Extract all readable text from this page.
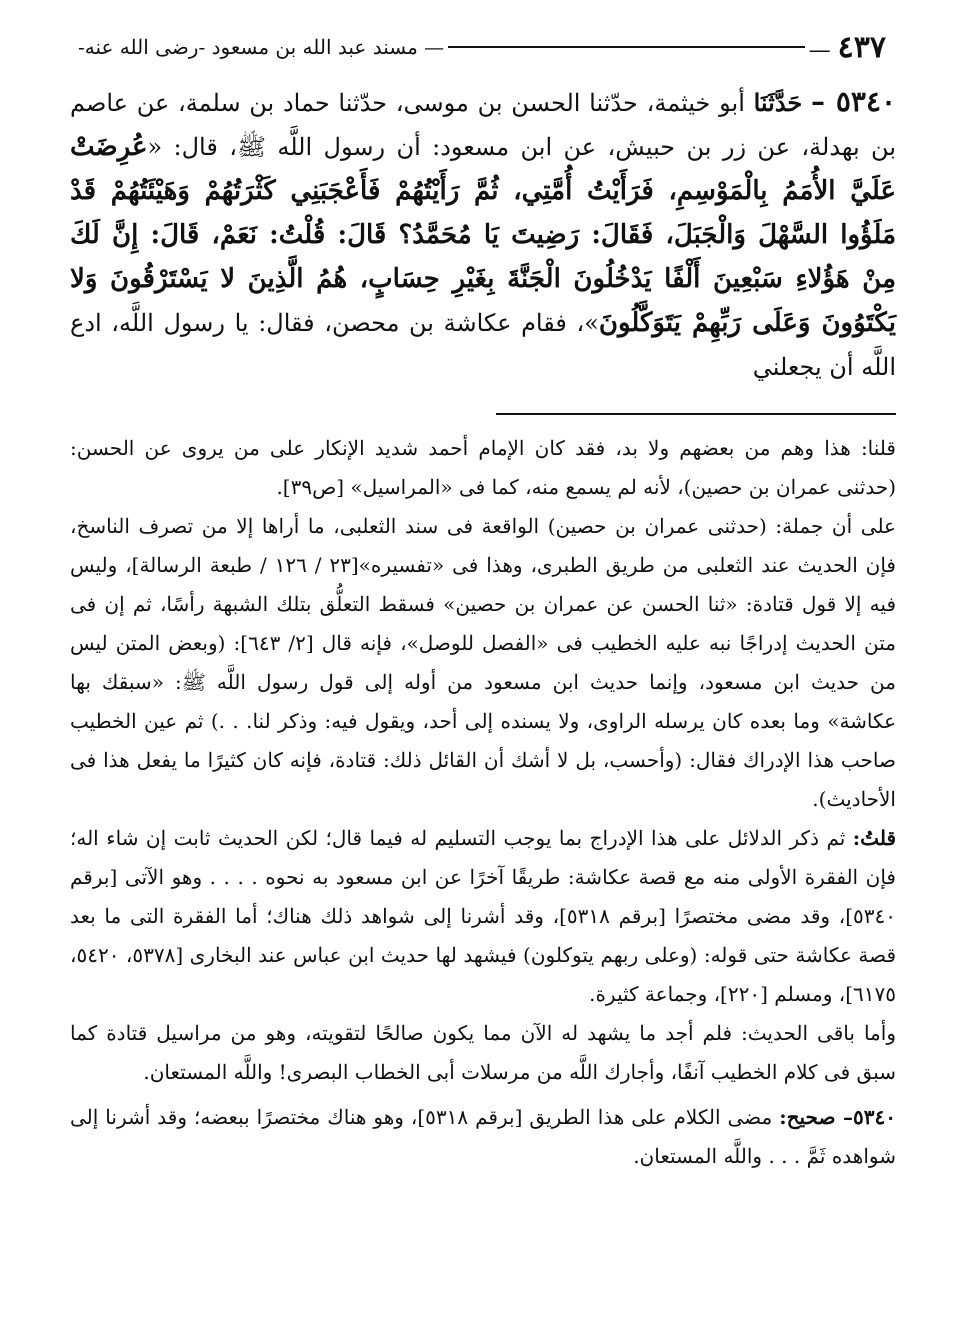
٤٣٧ —
— مسند عبد الله بن مسعود -رضى الله عنه-
٥٣٤٠ – حَدَّثَنَا أبو خيثمة، حدّثنا الحسن بن موسى، حدّثنا حماد بن سلمة، عن عاصم بن بهدلة، عن زر بن حبيش، عن ابن مسعود: أن رسول اللَّه ﷺ، قال: «عُرِضَتْ عَلَيَّ الأُمَمُ بِالْمَوْسِمِ، فَرَأَيْتُ أُمَّتِي، ثُمَّ رَأَيْتُهُمْ فَأَعْجَبَنِي كَثْرَتُهُمْ وَهَيْئَتُهُمْ قَدْ مَلَؤُوا السَّهْلَ وَالْجَبَلَ، فَقَالَ: رَضِيتَ يَا مُحَمَّدُ؟ قَالَ: قُلْتُ: نَعَمْ، قَالَ: إِنَّ لَكَ مِنْ هَؤُلاءِ سَبْعِينَ أَلْفًا يَدْخُلُونَ الْجَنَّةَ بِغَيْرِ حِسَابٍ، هُمُ الَّذِينَ لا يَسْتَرْقُونَ وَلا يَكْتَوُونَ وَعَلَى رَبِّهِمْ يَتَوَكَّلُونَ»، فقام عكاشة بن محصن، فقال: يا رسول اللَّه، ادع اللَّه أن يجعلني

قلنا: هذا وهم من بعضهم ولا بد، فقد كان الإمام أحمد شديد الإنكار على من يروى عن الحسن: (حدثنى عمران بن حصين)، لأنه لم يسمع منه، كما فى «المراسيل» [ص٣٩].

على أن جملة: (حدثنى عمران بن حصين) الواقعة فى سند الثعلبى، ما أراها إلا من تصرف الناسخ، فإن الحديث عند الثعلبى من طريق الطبرى، وهذا فى «تفسيره»[٢٣ / ١٢٦ / طبعة الرسالة]، وليس فيه إلا قول قتادة: «ثنا الحسن عن عمران بن حصين» فسقط التعلُّق بتلك الشبهة رأسًا، ثم إن فى متن الحديث إدراجًا نبه عليه الخطيب فى «الفصل للوصل»، فإنه قال [٢/ ٦٤٣]: (وبعض المتن ليس من حديث ابن مسعود، وإنما حديث ابن مسعود من أوله إلى قول رسول اللَّه ﷺ: «سبقك بها عكاشة» وما بعده كان يرسله الراوى، ولا يسنده إلى أحد، ويقول فيه: وذكر لنا. . .) ثم عين الخطيب صاحب هذا الإدراك فقال: (وأحسب، بل لا أشك أن القائل ذلك: قتادة، فإنه كان كثيرًا ما يفعل هذا فى الأحاديث).

قلتُ: ثم ذكر الدلائل على هذا الإدراج بما يوجب التسليم له فيما قال؛ لكن الحديث ثابت إن شاء اله؛ فإن الفقرة الأولى منه مع قصة عكاشة: طريقًا آخرًا عن ابن مسعود به نحوه . . . . وهو الآتى [برقم ٥٣٤٠]، وقد مضى مختصرًا [برقم ٥٣١٨]، وقد أشرنا إلى شواهد ذلك هناك؛ أما الفقرة التى ما بعد قصة عكاشة حتى قوله: (وعلى ربهم يتوكلون) فيشهد لها حديث ابن عباس عند البخارى [٥٣٧٨، ٥٤٢٠، ٦١٧٥]، ومسلم [٢٢٠]، وجماعة كثيرة.

وأما باقى الحديث: فلم أجد ما يشهد له الآن مما يكون صالحًا لتقويته، وهو من مراسيل قتادة كما سبق فى كلام الخطيب آنفًا، وأجارك اللَّه من مرسلات أبى الخطاب البصرى! واللَّه المستعان.

٥٣٤٠– صحيح: مضى الكلام على هذا الطريق [برقم ٥٣١٨]، وهو هناك مختصرًا ببعضه؛ وقد أشرنا إلى شواهده ثَمَّ . . . واللَّه المستعان.
